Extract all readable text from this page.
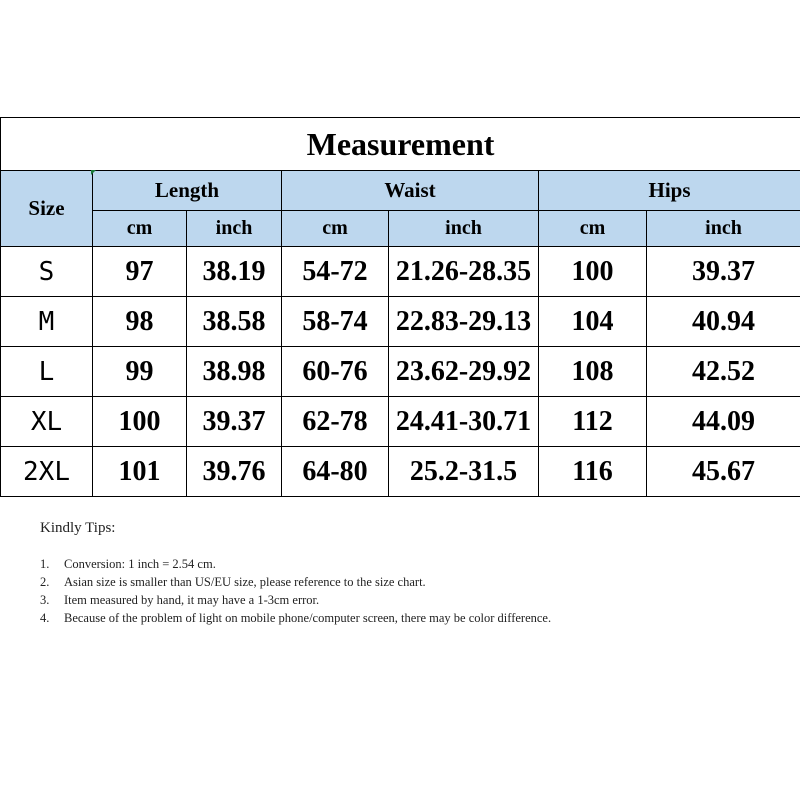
Measurement						
Size	Length		Waist		Hips	
	cm	inch	cm	inch	cm	inch
S	97	38.19	54-72	21.26-28.35	100	39.37
M	98	38.58	58-74	22.83-29.13	104	40.94
L	99	38.98	60-76	23.62-29.92	108	42.52
XL	100	39.37	62-78	24.41-30.71	112	44.09
2XL	101	39.76	64-80	25.2-31.5	116	45.67
Kindly Tips:
1.	Conversion: 1 inch = 2.54 cm.
2.	Asian size is smaller than US/EU size, please reference to the size chart.
3.	Item measured by hand, it may have a 1-3cm error.
4.	Because of the problem of light on mobile phone/computer screen, there may be color difference.
